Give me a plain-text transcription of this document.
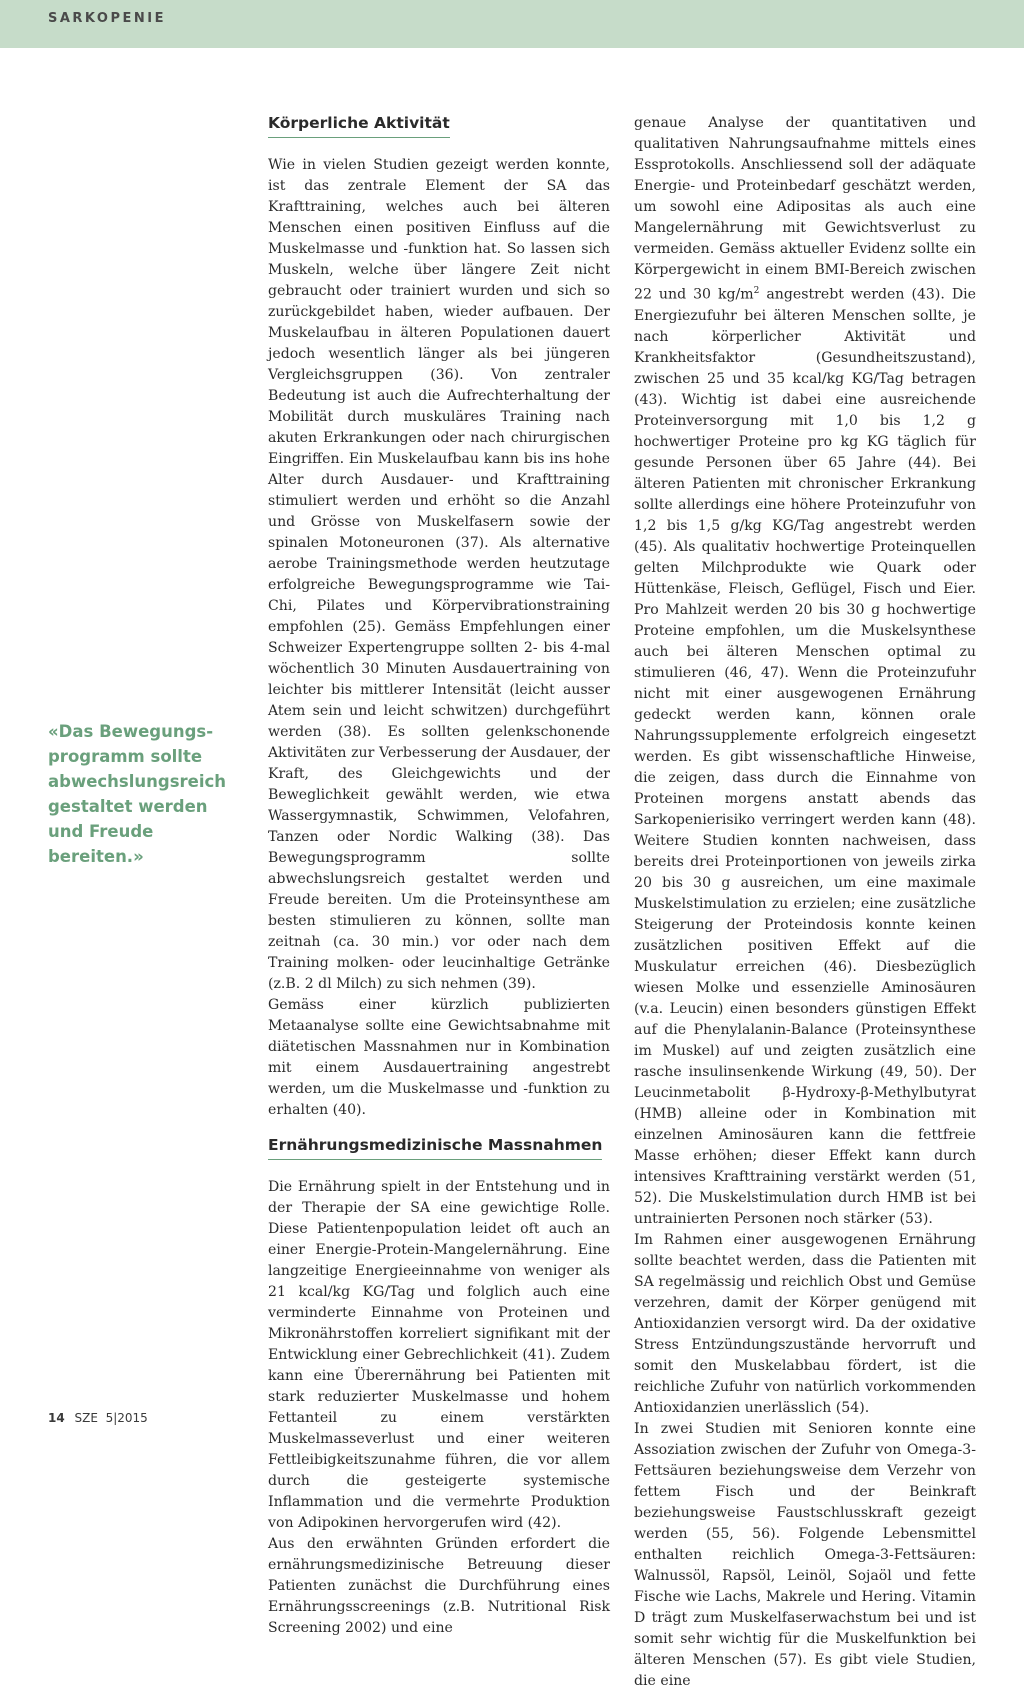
SARKOPENIE
«Das Bewegungsprogramm sollte abwechslungsreich gestaltet werden und Freude bereiten.»
Körperliche Aktivität

Wie in vielen Studien gezeigt werden konnte, ist das zentrale Element der SA das Krafttraining, welches auch bei älteren Menschen einen positiven Einfluss auf die Muskelmasse und -funktion hat. So lassen sich Muskeln, welche über längere Zeit nicht gebraucht oder trainiert wurden und sich so zurückgebildet haben, wieder aufbauen. Der Muskelaufbau in älteren Populationen dauert jedoch wesentlich länger als bei jüngeren Vergleichsgruppen (36). Von zentraler Bedeutung ist auch die Aufrechterhaltung der Mobilität durch muskuläres Training nach akuten Erkrankungen oder nach chirurgischen Eingriffen. Ein Muskelaufbau kann bis ins hohe Alter durch Ausdauer- und Krafttraining stimuliert werden und erhöht so die Anzahl und Grösse von Muskelfasern sowie der spinalen Motoneuronen (37). Als alternative aerobe Trainingsmethode werden heutzutage erfolgreiche Bewegungsprogramme wie Tai-Chi, Pilates und Körpervibrationstraining empfohlen (25). Gemäss Empfehlungen einer Schweizer Expertengruppe sollten 2- bis 4-mal wöchentlich 30 Minuten Ausdauertraining von leichter bis mittlerer Intensität (leicht ausser Atem sein und leicht schwitzen) durchgeführt werden (38). Es sollten gelenkschonende Aktivitäten zur Verbesserung der Ausdauer, der Kraft, des Gleichgewichts und der Beweglichkeit gewählt werden, wie etwa Wassergymnastik, Schwimmen, Velofahren, Tanzen oder Nordic Walking (38). Das Bewegungsprogramm sollte abwechslungsreich gestaltet werden und Freude bereiten. Um die Proteinsynthese am besten stimulieren zu können, sollte man zeitnah (ca. 30 min.) vor oder nach dem Training molken- oder leucinhaltige Getränke (z.B. 2 dl Milch) zu sich nehmen (39).

Gemäss einer kürzlich publizierten Metaanalyse sollte eine Gewichtsabnahme mit diätetischen Massnahmen nur in Kombination mit einem Ausdauertraining angestrebt werden, um die Muskelmasse und -funktion zu erhalten (40).

Ernährungsmedizinische Massnahmen

Die Ernährung spielt in der Entstehung und in der Therapie der SA eine gewichtige Rolle. Diese Patientenpopulation leidet oft auch an einer Energie-Protein-Mangelernährung. Eine langzeitige Energieeinnahme von weniger als 21 kcal/kg KG/Tag und folglich auch eine verminderte Einnahme von Proteinen und Mikronährstoffen korreliert signifikant mit der Entwicklung einer Gebrechlichkeit (41). Zudem kann eine Überernährung bei Patienten mit stark reduzierter Muskelmasse und hohem Fettanteil zu einem verstärkten Muskelmasseverlust und einer weiteren Fettleibigkeitszunahme führen, die vor allem durch die gesteigerte systemische Inflammation und die vermehrte Produktion von Adipokinen hervorgerufen wird (42).

Aus den erwähnten Gründen erfordert die ernährungsmedizinische Betreuung dieser Patienten zunächst die Durchführung eines Ernährungsscreenings (z.B. Nutritional Risk Screening 2002) und eine

genaue Analyse der quantitativen und qualitativen Nahrungsaufnahme mittels eines Essprotokolls. Anschliessend soll der adäquate Energie- und Proteinbedarf geschätzt werden, um sowohl eine Adipositas als auch eine Mangelernährung mit Gewichtsverlust zu vermeiden. Gemäss aktueller Evidenz sollte ein Körpergewicht in einem BMI-Bereich zwischen 22 und 30 $kg/m^2$ angestrebt werden (43). Die Energiezufuhr bei älteren Menschen sollte, je nach körperlicher Aktivität und Krankheitsfaktor (Gesundheitszustand), zwischen 25 und 35 kcal/kg KG/Tag betragen (43). Wichtig ist dabei eine ausreichende Proteinversorgung mit 1,0 bis 1,2 g hochwertiger Proteine pro kg KG täglich für gesunde Personen über 65 Jahre (44). Bei älteren Patienten mit chronischer Erkrankung sollte allerdings eine höhere Proteinzufuhr von 1,2 bis 1,5 g/kg KG/Tag angestrebt werden (45). Als qualitativ hochwertige Proteinquellen gelten Milchprodukte wie Quark oder Hüttenkäse, Fleisch, Geflügel, Fisch und Eier. Pro Mahlzeit werden 20 bis 30 g hochwertige Proteine empfohlen, um die Muskelsynthese auch bei älteren Menschen optimal zu stimulieren (46, 47). Wenn die Proteinzufuhr nicht mit einer ausgewogenen Ernährung gedeckt werden kann, können orale Nahrungssupplemente erfolgreich eingesetzt werden. Es gibt wissenschaftliche Hinweise, die zeigen, dass durch die Einnahme von Proteinen morgens anstatt abends das Sarkopenierisiko verringert werden kann (48). Weitere Studien konnten nachweisen, dass bereits drei Proteinportionen von jeweils zirka 20 bis 30 g ausreichen, um eine maximale Muskelstimulation zu erzielen; eine zusätzliche Steigerung der Proteindosis konnte keinen zusätzlichen positiven Effekt auf die Muskulatur erreichen (46). Diesbezüglich wiesen Molke und essenzielle Aminosäuren (v.a. Leucin) einen besonders günstigen Effekt auf die Phenylalanin-Balance (Proteinsynthese im Muskel) auf und zeigten zusätzlich eine rasche insulinsenkende Wirkung (49, 50). Der Leucinmetabolit β-Hydroxy-β-Methylbutyrat (HMB) alleine oder in Kombination mit einzelnen Aminosäuren kann die fettfreie Masse erhöhen; dieser Effekt kann durch intensives Krafttraining verstärkt werden (51, 52). Die Muskelstimulation durch HMB ist bei untrainierten Personen noch stärker (53).

Im Rahmen einer ausgewogenen Ernährung sollte beachtet werden, dass die Patienten mit SA regelmässig und reichlich Obst und Gemüse verzehren, damit der Körper genügend mit Antioxidanzien versorgt wird. Da der oxidative Stress Entzündungszustände hervorruft und somit den Muskelabbau fördert, ist die reichliche Zufuhr von natürlich vorkommenden Antioxidanzien unerlässlich (54).

In zwei Studien mit Senioren konnte eine Assoziation zwischen der Zufuhr von Omega-3-Fettsäuren beziehungsweise dem Verzehr von fettem Fisch und der Beinkraft beziehungsweise Faustschlusskraft gezeigt werden (55, 56). Folgende Lebensmittel enthalten reichlich Omega-3-Fettsäuren: Walnussöl, Rapsöl, Leinöl, Sojaöl und fette Fische wie Lachs, Makrele und Hering. Vitamin D trägt zum Muskelfaserwachstum bei und ist somit sehr wichtig für die Muskelfunktion bei älteren Menschen (57). Es gibt viele Studien, die eine

14 SZE  5|2015
